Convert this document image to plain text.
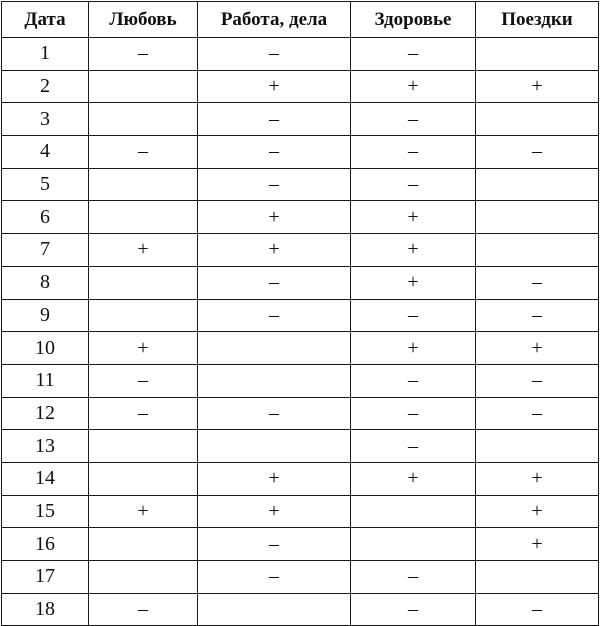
Дата	Любовь	Работа, дела	Здоровье	Поездки
1	–	–	–	
2		+	+	+
3		–	–	
4	–	–	–	–
5		–	–	
6		+	+	
7	+	+	+	
8		–	+	–
9		–	–	–
10	+		+	+
11	–		–	–
12	–	–	–	–
13			–	
14		+	+	+
15	+	+		+
16		–		+
17		–	–	
18	–		–	–
